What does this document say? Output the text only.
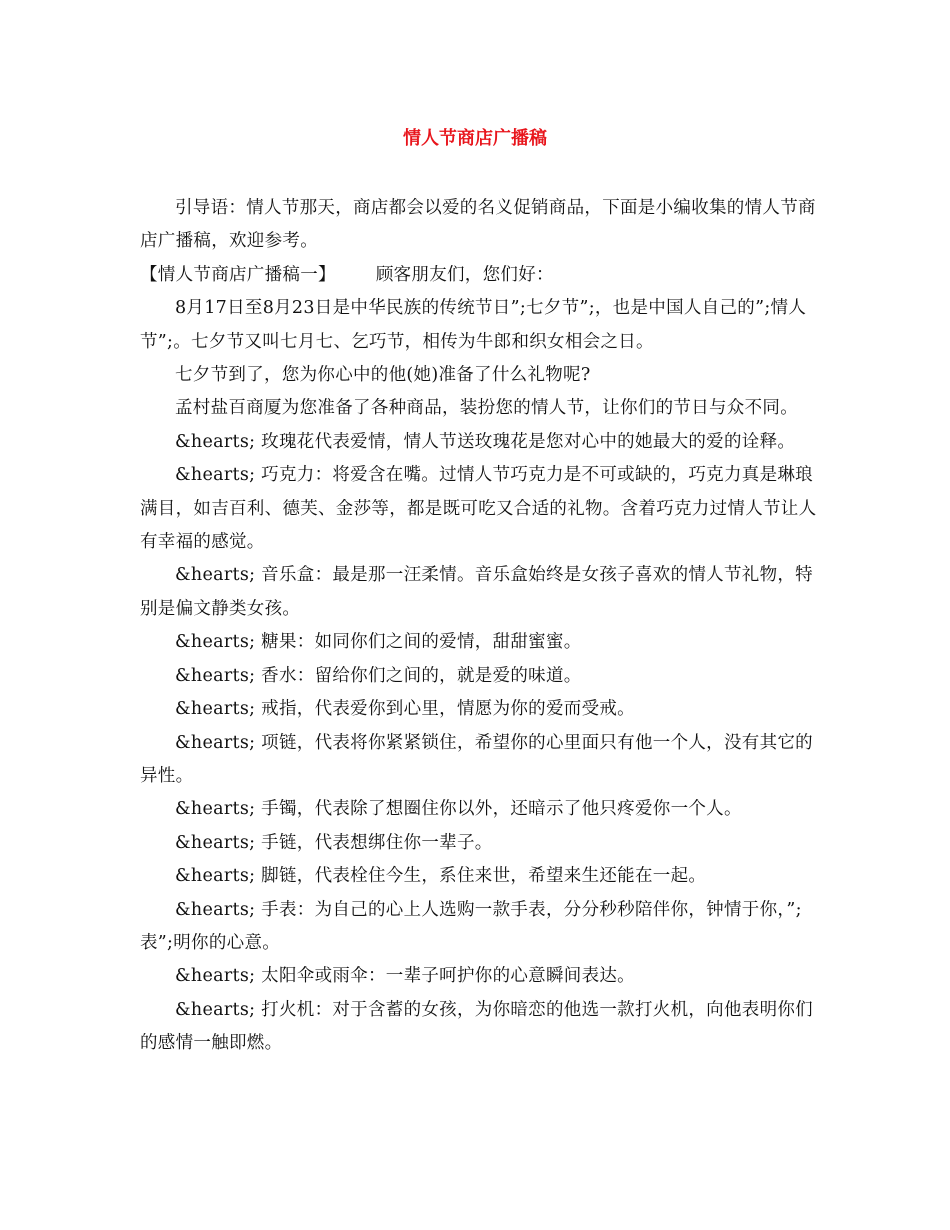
情人节商店广播稿

引导语：情人节那天，商店都会以爱的名义促销商品，下面是小编收集的情人节商店广播稿，欢迎参考。

【情人节商店广播稿一】 顾客朋友们，您们好：

8月17日至8月23日是中华民族的传统节日”;七夕节”;，也是中国人自己的”;情人节”;。七夕节又叫七月七、乞巧节，相传为牛郎和织女相会之日。

七夕节到了，您为你心中的他(她)准备了什么礼物呢?

孟村盐百商厦为您准备了各种商品，装扮您的情人节，让你们的节日与众不同。

&hearts; 玫瑰花代表爱情，情人节送玫瑰花是您对心中的她最大的爱的诠释。

&hearts; 巧克力：将爱含在嘴。过情人节巧克力是不可或缺的，巧克力真是琳琅满目，如吉百利、德芙、金莎等，都是既可吃又合适的礼物。含着巧克力过情人节让人有幸福的感觉。

&hearts; 音乐盒：最是那一汪柔情。音乐盒始终是女孩子喜欢的情人节礼物，特别是偏文静类女孩。

&hearts; 糖果：如同你们之间的爱情，甜甜蜜蜜。

&hearts; 香水：留给你们之间的，就是爱的味道。

&hearts; 戒指，代表爱你到心里，情愿为你的爱而受戒。

&hearts; 项链，代表将你紧紧锁住，希望你的心里面只有他一个人，没有其它的异性。

&hearts; 手镯，代表除了想圈住你以外，还暗示了他只疼爱你一个人。

&hearts; 手链，代表想绑住你一辈子。

&hearts; 脚链，代表栓住今生，系住来世，希望来生还能在一起。

&hearts; 手表：为自己的心上人选购一款手表，分分秒秒陪伴你，钟情于你，”;表”;明你的心意。

&hearts; 太阳伞或雨伞：一辈子呵护你的心意瞬间表达。

&hearts; 打火机：对于含蓄的女孩，为你暗恋的他选一款打火机，向他表明你们的感情一触即燃。
